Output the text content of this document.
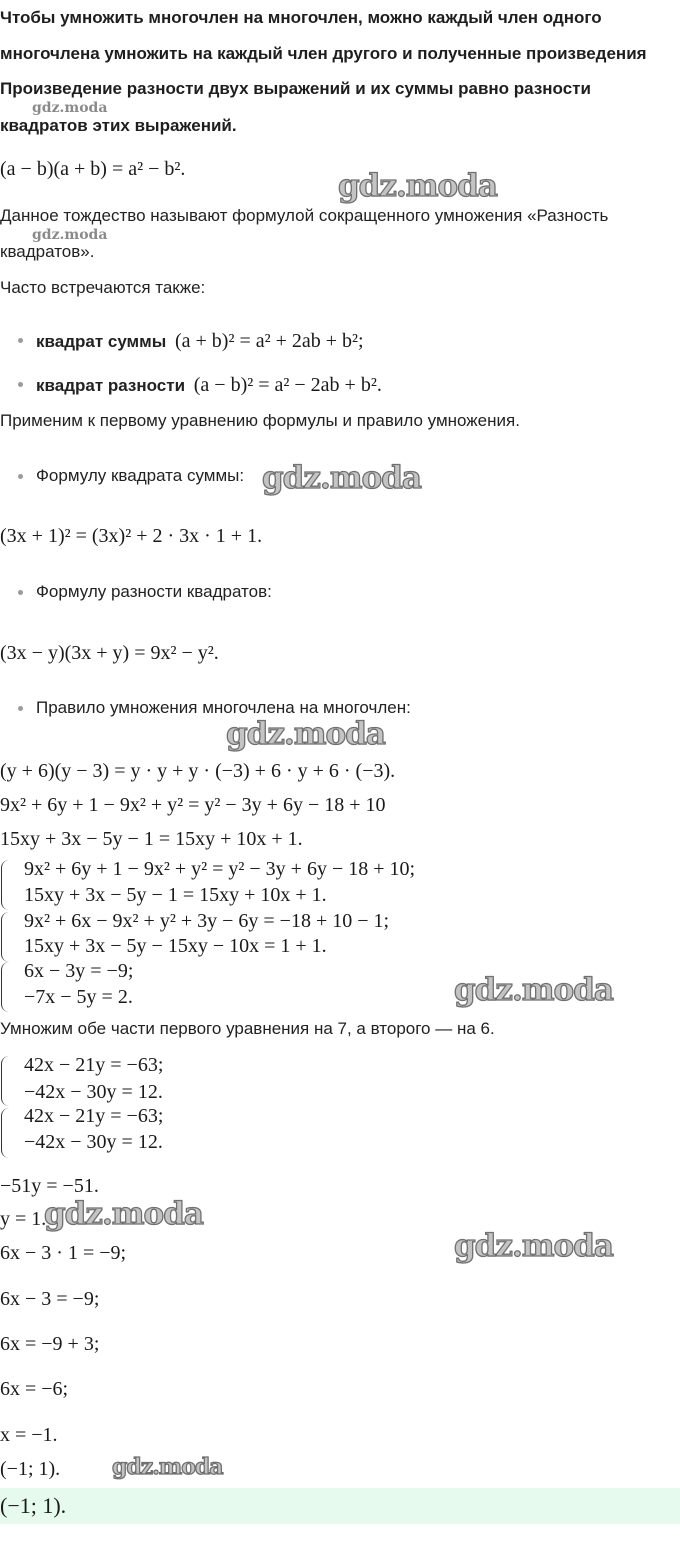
Чтобы умножить многочлен на многочлен, можно каждый член одного
многочлена умножить на каждый член другого и полученные произведения
Произведение разности двух выражений и их суммы равно разности
gdz.moda
квадратов этих выражений.
(a − b)(a + b) = a² − b².	gdz.moda
Данное тождество называют формулой сокращенного умножения «Разность
gdz.moda
квадратов».
Часто встречаются также:
квадрат суммы (a + b)² = a² + 2ab + b²;
квадрат разности (a − b)² = a² − 2ab + b².
Применим к первому уравнению формулы и правило умножения.
Формулу квадрата суммы: gdz.moda
(3x + 1)² = (3x)² + 2 · 3x · 1 + 1.
Формулу разности квадратов:
(3x − y)(3x + y) = 9x² − y².
Правило умножения многочлена на многочлен:
gdz.moda
(y + 6)(y − 3) = y · y + y · (−3) + 6 · y + 6 · (−3).
9x² + 6y + 1 − 9x² + y² = y² − 3y + 6y − 18 + 10
15xy + 3x − 5y − 1 = 15xy + 10x + 1.
9x² + 6y + 1 − 9x² + y² = y² − 3y + 6y − 18 + 10;
15xy + 3x − 5y − 1 = 15xy + 10x + 1.
9x² + 6x − 9x² + y² + 3y − 6y = −18 + 10 − 1;
15xy + 3x − 5y − 15xy − 10x = 1 + 1.
6x − 3y = −9;
−7x − 5y = 2.	gdz.moda
Умножим обе части первого уравнения на 7, а второго — на 6.
42x − 21y = −63;
−42x − 30y = 12.
42x − 21y = −63;
−42x − 30y = 12.
−51y = −51.
y = 1.
gdz.moda
6x − 3 · 1 = −9;	gdz.moda
6x − 3 = −9;
6x = −9 + 3;
6x = −6;
x = −1.
(−1; 1). gdz.moda
(−1; 1).
